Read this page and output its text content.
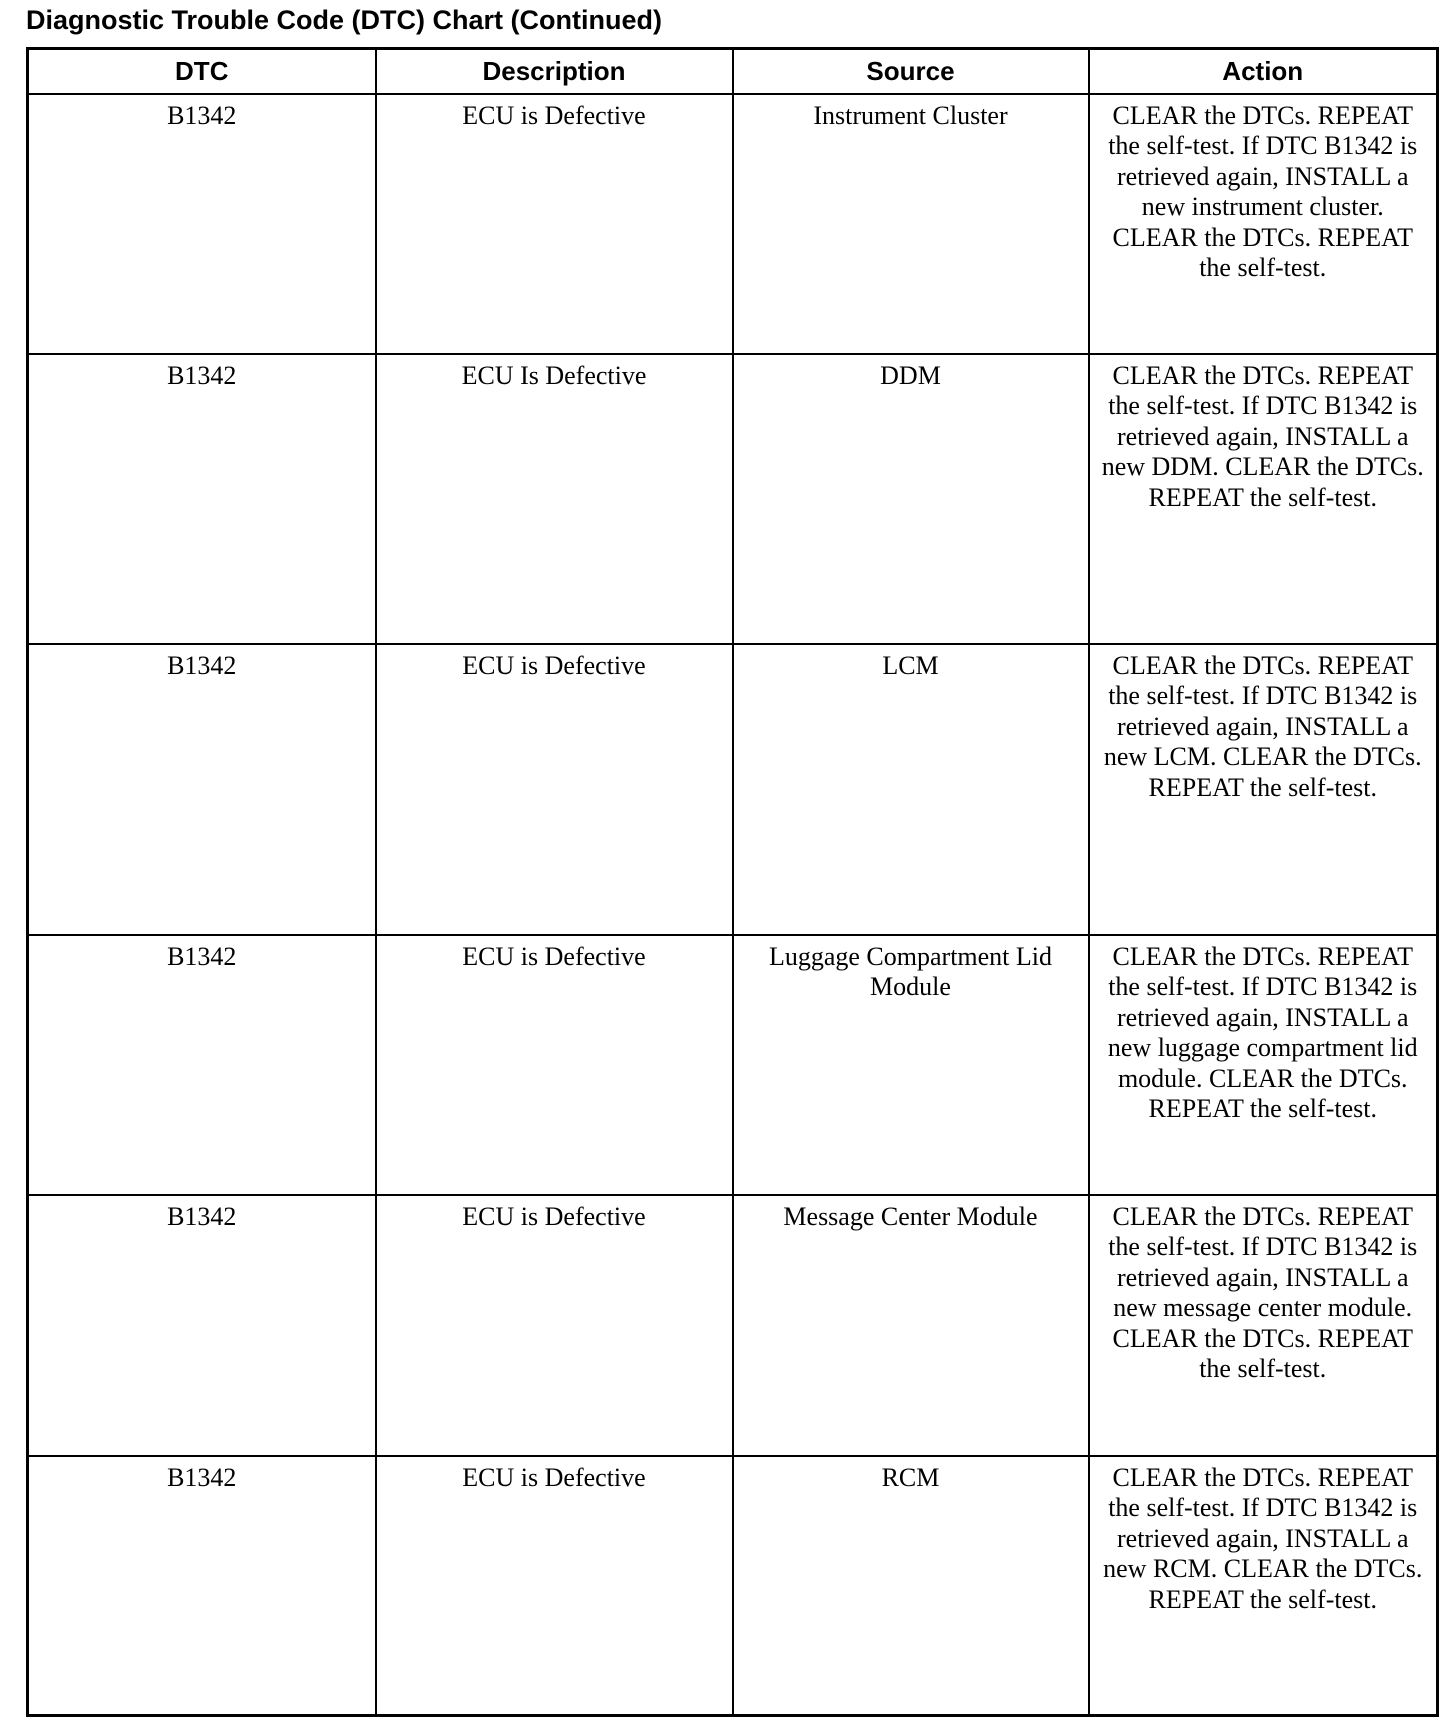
Diagnostic Trouble Code (DTC) Chart (Continued)
DTC	Description	Source	Action
B1342	ECU is Defective	Instrument Cluster	CLEAR the DTCs. REPEAT the self-test. If DTC B1342 is retrieved again, INSTALL a new instrument cluster. CLEAR the DTCs. REPEAT the self-test.

B1342	ECU Is Defective	DDM	CLEAR the DTCs. REPEAT the self-test. If DTC B1342 is retrieved again, INSTALL a new DDM. CLEAR the DTCs. REPEAT the self-test.

B1342	ECU is Defective	LCM	CLEAR the DTCs. REPEAT the self-test. If DTC B1342 is retrieved again, INSTALL a new LCM. CLEAR the DTCs. REPEAT the self-test.

B1342	ECU is Defective	Luggage Compartment Lid Module	CLEAR the DTCs. REPEAT the self-test. If DTC B1342 is retrieved again, INSTALL a new luggage compartment lid module. CLEAR the DTCs. REPEAT the self-test.

B1342	ECU is Defective	Message Center Module	CLEAR the DTCs. REPEAT the self-test. If DTC B1342 is retrieved again, INSTALL a new message center module. CLEAR the DTCs. REPEAT the self-test.

B1342	ECU is Defective	RCM	CLEAR the DTCs. REPEAT the self-test. If DTC B1342 is retrieved again, INSTALL a new RCM. CLEAR the DTCs. REPEAT the self-test.
